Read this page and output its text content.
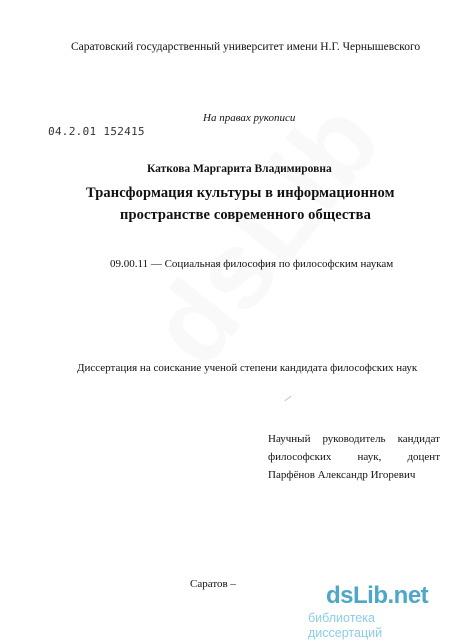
Саратовский государственный университет имени Н.Г. Чернышевского
04.2.01 152415
На правах рукописи
Каткова Маргарита Владимировна
Трансформация культуры в информационном
пространстве современного общества
09.00.11 — Социальная философия по философским наукам
Диссертация на соискание ученой степени кандидата философских наук
Научный руководитель кандидат
философских наук, доцент
Парфёнов Александр Игоревич
Саратов –	dsLib.net
библиотека диссертаций
